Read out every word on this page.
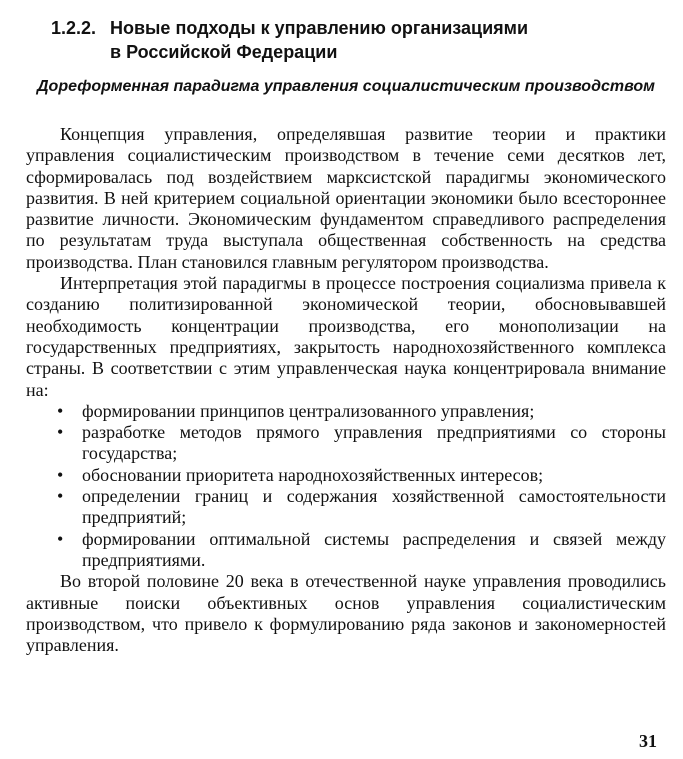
1.2.2. Новые подходы к управлению организациями
в Российской Федерации
Дореформенная парадигма управления социалистическим производством

Концепция управления, определявшая развитие теории и практики управления социалистическим производством в течение семи десятков лет, сформировалась под воздействием марксистской парадигмы экономического развития. В ней критерием социальной ориентации экономики было всестороннее развитие личности. Экономическим фундаментом справедливого распределения по результатам труда выступала общественная собственность на средства производства. План становился главным регулятором производства.

Интерпретация этой парадигмы в процессе построения социализма привела к созданию политизированной экономической теории, обосновывавшей необходимость концентрации производства, его монополизации на государственных предприятиях, закрытость народнохозяйственного комплекса страны. В соответствии с этим управленческая наука концентрировала внимание на:

• формировании принципов централизованного управления;
• разработке методов прямого управления предприятиями со стороны государства;
• обосновании приоритета народнохозяйственных интересов;
• определении границ и содержания хозяйственной самостоятельности предприятий;
• формировании оптимальной системы распределения и связей между предприятиями.

Во второй половине 20 века в отечественной науке управления проводились активные поиски объективных основ управления социалистическим производством, что привело к формулированию ряда законов и закономерностей управления.

31
